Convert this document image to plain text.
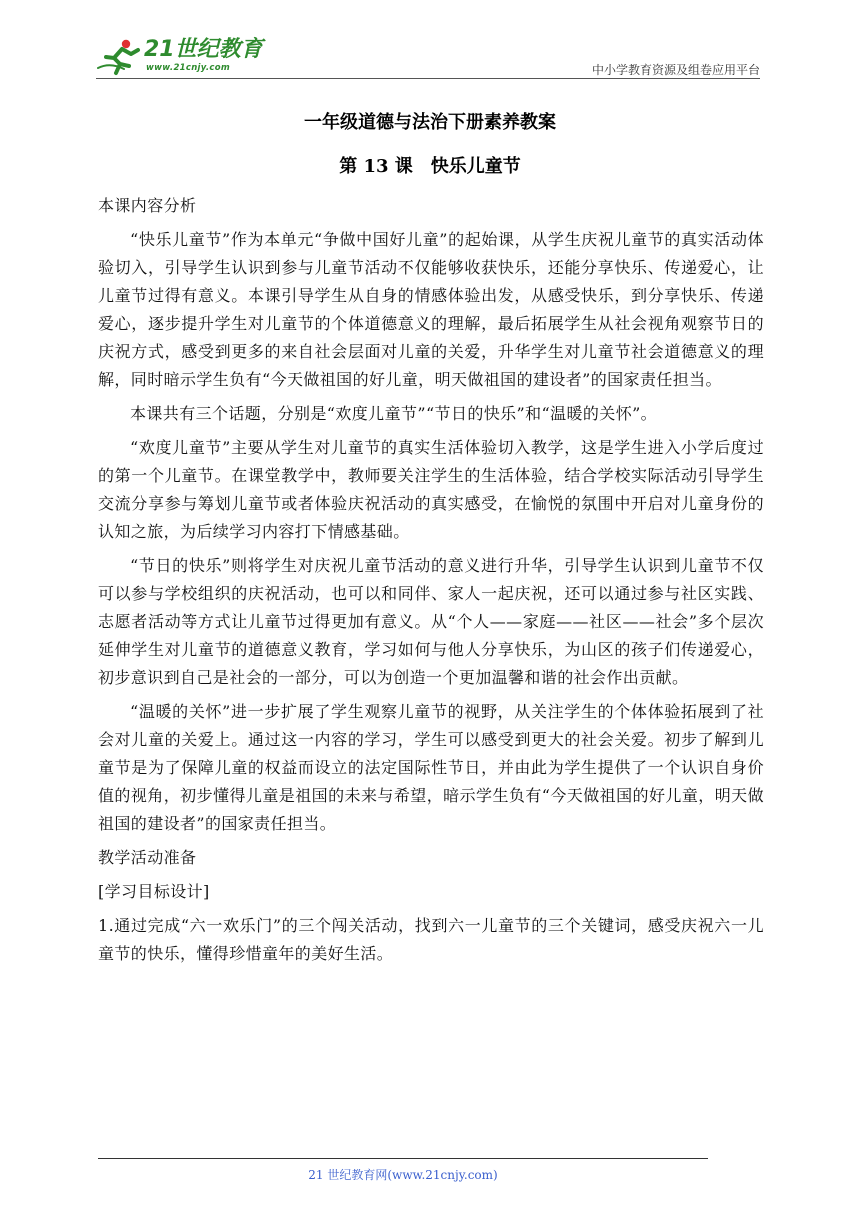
21世纪教育
www.21cnjy.com	中小学教育资源及组卷应用平台
一年级道德与法治下册素养教案
第 13 课　快乐儿童节

本课内容分析

“快乐儿童节”作为本单元“争做中国好儿童”的起始课，从学生庆祝儿童节的真实活动体验切入，引导学生认识到参与儿童节活动不仅能够收获快乐，还能分享快乐、传递爱心，让儿童节过得有意义。本课引导学生从自身的情感体验出发，从感受快乐，到分享快乐、传递爱心，逐步提升学生对儿童节的个体道德意义的理解，最后拓展学生从社会视角观察节日的庆祝方式，感受到更多的来自社会层面对儿童的关爱，升华学生对儿童节社会道德意义的理解，同时暗示学生负有“今天做祖国的好儿童，明天做祖国的建设者”的国家责任担当。

本课共有三个话题，分别是“欢度儿童节”“节日的快乐”和“温暖的关怀”。

“欢度儿童节”主要从学生对儿童节的真实生活体验切入教学，这是学生进入小学后度过的第一个儿童节。在课堂教学中，教师要关注学生的生活体验，结合学校实际活动引导学生交流分享参与筹划儿童节或者体验庆祝活动的真实感受，在愉悦的氛围中开启对儿童身份的认知之旅，为后续学习内容打下情感基础。

“节日的快乐”则将学生对庆祝儿童节活动的意义进行升华，引导学生认识到儿童节不仅可以参与学校组织的庆祝活动，也可以和同伴、家人一起庆祝，还可以通过参与社区实践、志愿者活动等方式让儿童节过得更加有意义。从“个人——家庭——社区——社会”多个层次延伸学生对儿童节的道德意义教育，学习如何与他人分享快乐，为山区的孩子们传递爱心，初步意识到自己是社会的一部分，可以为创造一个更加温馨和谐的社会作出贡献。

“温暖的关怀”进一步扩展了学生观察儿童节的视野，从关注学生的个体体验拓展到了社会对儿童的关爱上。通过这一内容的学习，学生可以感受到更大的社会关爱。初步了解到儿童节是为了保障儿童的权益而设立的法定国际性节日，并由此为学生提供了一个认识自身价值的视角，初步懂得儿童是祖国的未来与希望，暗示学生负有“今天做祖国的好儿童，明天做祖国的建设者”的国家责任担当。

教学活动准备

[学习目标设计]

1.通过完成“六一欢乐门”的三个闯关活动，找到六一儿童节的三个关键词，感受庆祝六一儿童节的快乐，懂得珍惜童年的美好生活。

21 世纪教育网(www.21cnjy.com)
